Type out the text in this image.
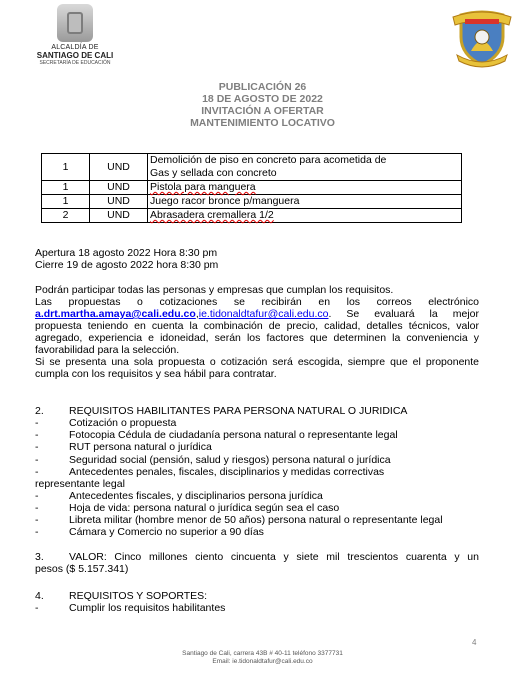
ALCALDÍA DE
SANTIAGO DE CALI
SECRETARÍA DE EDUCACIÓN
PUBLICACIÓN 26
18 DE AGOSTO DE 2022
INVITACIÓN A OFERTAR
MANTENIMIENTO LOCATIVO
1	UND	Demolición de piso en concreto para acometida de
Gas y sellada con concreto

1	UND	Pistola para manguera
1	UND	Juego racor bronce p/manguera
2	UND	Abrasadera cremallera 1/2
Apertura 18 agosto 2022 Hora 8:30 pm
Cierre 19 de agosto 2022 hora 8:30 pm
Podrán participar todas las personas y empresas que cumplan los requisitos.
Las propuestas o cotizaciones se recibirán en los correos electrónico
a.drt.martha.amaya@cali.edu.co,ie.tidonaldtafur@cali.edu.co. Se evaluará la mejor
propuesta teniendo en cuenta la combinación de precio, calidad, detalles técnicos, valor
agregado, experiencia e idoneidad, serán los factores que determinen la conveniencia y
favorabilidad para la selección.
Si se presenta una sola propuesta o cotización será escogida, siempre que el proponente
cumpla con los requisitos y sea hábil para contratar.
2. REQUISITOS HABILITANTES PARA PERSONA NATURAL O JURIDICA
-	Cotización o propuesta
-	Fotocopia Cédula de ciudadanía persona natural o representante legal
-	RUT persona natural o jurídica
-	Seguridad social (pensión, salud y riesgos) persona natural o jurídica
-	Antecedentes penales, fiscales, disciplinarios y medidas correctivas
representante legal
-	Antecedentes fiscales, y disciplinarios persona jurídica
-	Hoja de vida: persona natural o jurídica según sea el caso
-	Libreta militar (hombre menor de 50 años) persona natural o representante legal
-	Cámara y Comercio no superior a 90 días
3. VALOR: Cinco millones ciento cincuenta y siete mil trescientos cuarenta y un
pesos ($ 5.157.341)
4. REQUISITOS Y SOPORTES:
-	Cumplir los requisitos habilitantes
4
Santiago de Cali, carrera 43B # 40-11 teléfono 3377731
Email: ie.tidonaldtafur@cali.edu.co
